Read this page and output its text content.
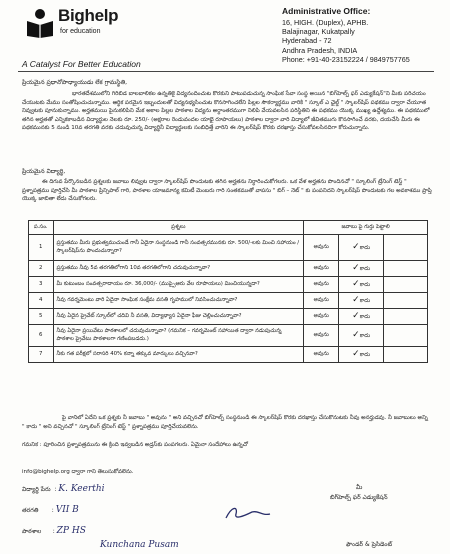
Bighelp
for education
A Catalyst For Better Education
Administrative Office:
16, HIGH. (Duplex), APHB.
Balajinagar, Kukatpally
Hyderabad - 72
Andhra Pradesh, INDIA
Phone: +91-40-23152224 / 9849757765
ప్రియమైన ప్రధానోపాధ్యాయుడు లేక గ్రామస్థితి,
భారతదేశములోని గిరిబిడ బాలబాలికల ఉన్నతికై విద్యనందించుట కొరకుని పాటుపడుచున్న సాంఘిక సేవా సంస్థ అయిన "బిగ్‌హెల్ప్ ఫర్ ఎడ్యుకేషన్"ని మీకు పరిచయం చేయుటకు మేము సంతోషించుచున్నాము. ఆర్థిక పరమైన ఇబ్బందులతో విద్యనభ్యసించుట కొనసాగించలేని పిల్లల సౌకర్యార్థము వారికి " స్కూల్ ఎ ఛైల్డ్ " స్కాలర్‌షిప్ పథకము ద్వారా చేయూత నివ్వుటకు పూనుకున్నాము. అర్హతమయి పైనుకలిపిని మేక అకాల పిల్లల పాఠశాల విద్యను అర్ధాంతరముగా నిలిపి వేయవలసిన పరిస్థితిని ఈ పథకము యొక్క ముఖ్య ఉద్దేశ్యము. ఈ పథకములో తగిన అర్హతతో ఎన్నికకాబడిన విద్యార్థుల నెలకు రూ. 250/- (అక్షరాల రెండువందల యాభై రూపాయలు) పాఠశాల ద్వారా వారి విద్యాలో జీవితముగు కొనసాగించే వరకు, దయచేసి మీరు ఈ పథకమునకు 5 నుండి 10వ తరగతి వరకు చదువుచున్న విద్యార్థినీ విద్యార్థులకు సంబిధిత్తే వారిని ఈ స్కాలర్‌షిప్ కొరకు దరఖాస్తు చేసుకోవలసినదిగా కోరుచున్నాను.
ప్రియమైన విద్యార్థి,
ఈ దిగువ పేర్కొనబడిన ప్రశ్నలకు జవాబు లివ్వుట ద్వారా స్కాలర్‌షిప్ పొందుటకు తగిన అర్హతను నిర్ధారించుకోగలరు. ఒక వేళ అర్హతను పొందినచో " స్కూలింగ్ ట్రేనింగ్ టెస్ట్ " ప్రశ్నాపత్రము పూర్తిచేసి మీ పాఠశాల ప్రిన్సిపాల్ గారి, పాఠశాల యాజమాన్య కమిటీ మెంబరు గారి సంతకముతో వాపసు " బిగ్ – నెట్ " కు పంపనిదని స్కాలర్‌షిప్ పొందుటకు గల అవకాశము ప్రాప్తి యొక్క జాబితా లేదు చేసుకోగలరు.
ప.సం.	ప్రశ్నలు	జవాబు పై గుర్తు పెట్టాలి		
1	ప్రస్తుతము మీరు ప్రభుత్వముచుండే గానీ ఏదైనా సంస్థనుండి గానీ సంవత్సరమునకు రూ. 500/-లకు మించి సహాయం / స్కాలర్‌షిప్‌ను పొందుచున్నారా?	అవును	✓కాదు	
2	ప్రస్తుతము నీవు 5వ తరగతిలోగాని 10వ తరగతిలోగాని చదువుచున్నావా?	అవును	✓కాదు	
3	మీ కుటుంబం సంవత్సరాదాయం రూ. 36,000/- (ముప్పైఆరు వేల రూపాయలు) మించియున్నదా?	అవును	✓కాదు	
4	నీవు గవర్నమెంటు వారి ఏదైనా సాంఘిక సంక్షేమ వసతి గృహములో నివసించుచున్నావా?	అవును	✓కాదు	
5	నీవు ఏదైన ప్రైవేట్ స్కూల్‌లో చదివి నీ వసతి, విద్యాభ్యాస ఏదైనా ఫీజు చెల్లించుచున్నావా?	అవును	✓కాదు	
6	నీవు ఏదైనా ప్రయివేటు పాఠశాలలో చదువుచున్నావా? (గమనిక – గవర్నమెంట్ సహాయిత ద్వారా నడుపుచున్న పాఠశాల ప్రైవేటు పాఠశాలగా గణింపబడదు.)	అవును	✓కాదు	
7	నీకు గత పరీక్షలో సరాసరి 40% కన్నా తక్కువ మార్కులు వచ్చినవా?	అవును	✓కాదు	
పై వానిలో ఏదేని ఒక ప్రశ్నకు నీ జవాబు " అవును " అని వచ్చినచో బిగ్‌హెల్ప్ సంస్థనుండి ఈ స్కాలర్‌షిప్ కొరకు దరఖాస్తు చేసుకొనుటకు నీవు అనర్హుడవు. నీ జవాబులు అన్ని " కాదు " అని వచ్చినచో " స్కూలింగ్ ట్రేనింగ్ టెస్ట్ " ప్రశ్నాపత్రము పూర్తిచేయవలెను.
గమనిక : పూరించిన ప్రశ్నాపత్రమును ఈ క్రింది ఇవ్వబడిన అడ్రస్‌కు పంపగలరు. ఏమైనా సందేహాలు ఉన్నచో
info@bighelp.org ద్వారా గాని తెలుసుకోవలెను.
విద్యార్థి పేరు  : K. Keerthi
తరగతి       : VII B
పాఠశాల      : ZP HS
Kunchana Pusam
మీ
బిగ్‌హెల్ప్ ఫర్ ఎడ్యుకేషన్
ఫౌండర్ & ప్రెసిడెంట్
